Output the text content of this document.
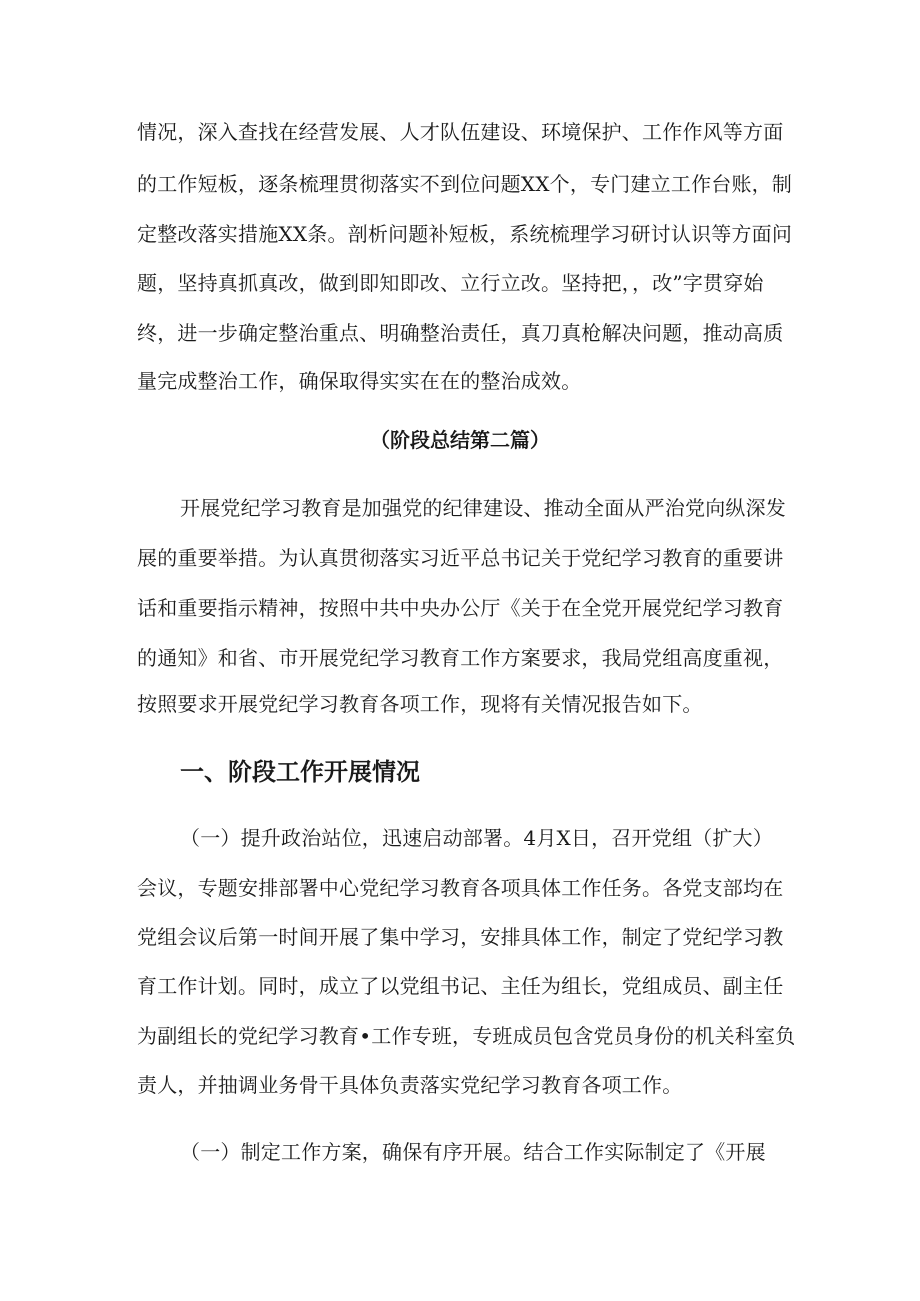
情况，深入查找在经营发展、人才队伍建设、环境保护、工作作风等方面
的工作短板，逐条梳理贯彻落实不到位问题XX个，专门建立工作台账，制
定整改落实措施XX条。剖析问题补短板，系统梳理学习研讨认识等方面问
题，坚持真抓真改，做到即知即改、立行立改。坚持把，，改”字贯穿始
终，进一步确定整治重点、明确整治责任，真刀真枪解决问题，推动高质
量完成整治工作，确保取得实实在在的整治成效。
（阶段总结第二篇）
开展党纪学习教育是加强党的纪律建设、推动全面从严治党向纵深发
展的重要举措。为认真贯彻落实习近平总书记关于党纪学习教育的重要讲
话和重要指示精神，按照中共中央办公厅《关于在全党开展党纪学习教育
的通知》和省、市开展党纪学习教育工作方案要求，我局党组高度重视，
按照要求开展党纪学习教育各项工作，现将有关情况报告如下。
一、阶段工作开展情况
（一）提升政治站位，迅速启动部署。4月X日，召开党组（扩大）
会议，专题安排部署中心党纪学习教育各项具体工作任务。各党支部均在
党组会议后第一时间开展了集中学习，安排具体工作，制定了党纪学习教
育工作计划。同时，成立了以党组书记、主任为组长，党组成员、副主任
为副组长的党纪学习教育•工作专班，专班成员包含党员身份的机关科室负
责人，并抽调业务骨干具体负责落实党纪学习教育各项工作。
（一）制定工作方案，确保有序开展。结合工作实际制定了《开展
